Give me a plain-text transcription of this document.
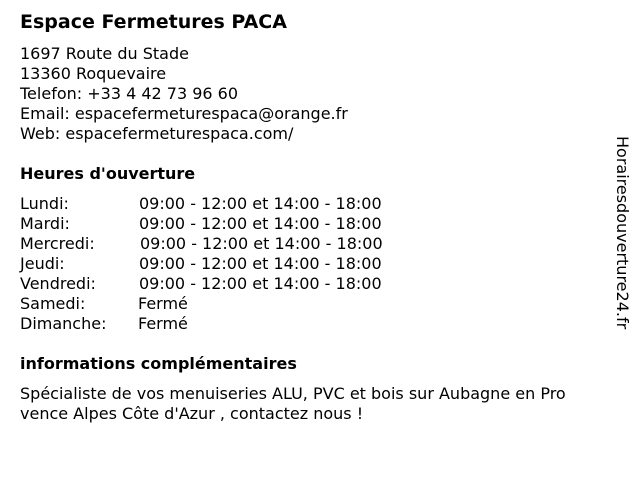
Espace Fermetures PACA
1697 Route du Stade
13360 Roquevaire
Telefon: +33 4 42 73 96 60
Email: espacefermeturespaca@orange.fr
Web: espacefermeturespaca.com/
Heures d'ouverture
Lundi:	09:00 - 12:00 et 14:00 - 18:00
Mardi:	09:00 - 12:00 et 14:00 - 18:00
Mercredi:	09:00 - 12:00 et 14:00 - 18:00
Jeudi:	09:00 - 12:00 et 14:00 - 18:00
Vendredi:	09:00 - 12:00 et 14:00 - 18:00
Samedi:	Fermé
Dimanche: Fermé
informations complémentaires
Spécialiste de vos menuiseries ALU, PVC et bois sur Aubagne en Pro
vence Alpes Côte d'Azur , contactez nous !
Horairesdouverture24.fr
